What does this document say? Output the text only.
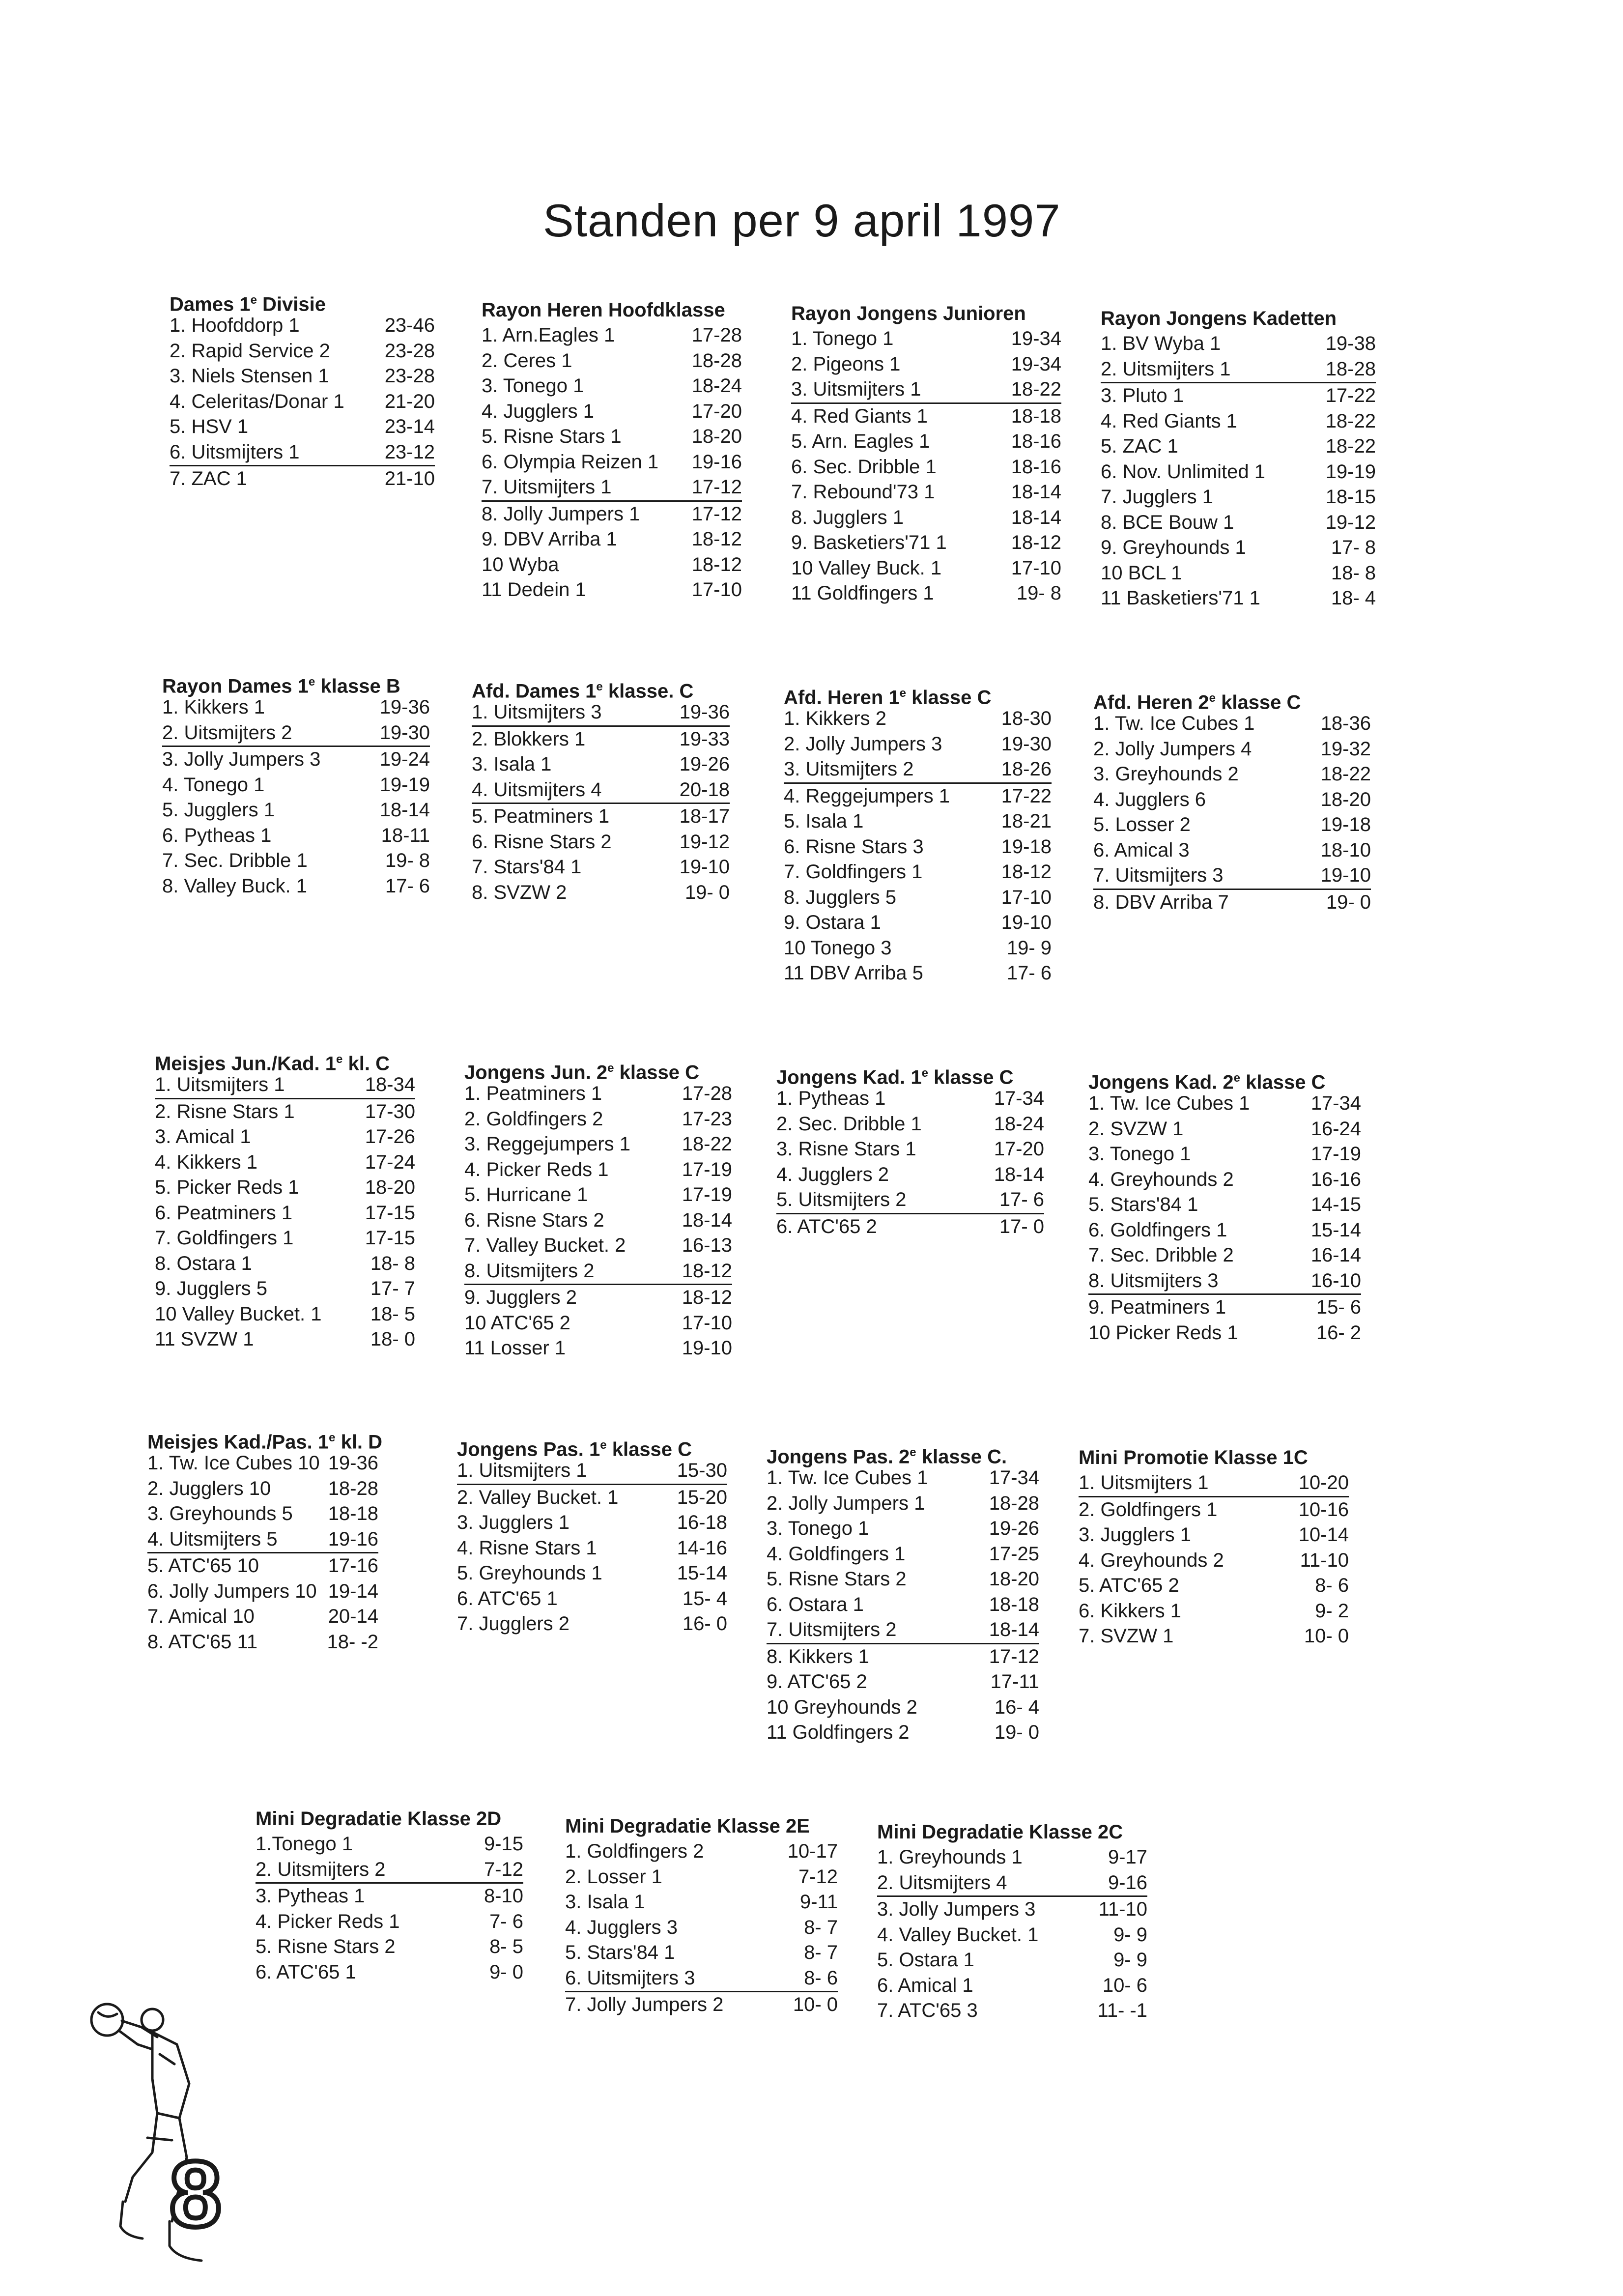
Standen per 9 april 1997
Dames 1e Divisie
1. Hoofddorp 1	23-46
2. Rapid Service 2	23-28
3. Niels Stensen 1	23-28
4. Celeritas/Donar 1 21-20
5. HSV 1	23-14
6. Uitsmijters 1	23-12
7. ZAC 1	21-10
Rayon Heren Hoofdklasse
1. Arn.Eagles 1	17-28
2. Ceres 1	18-28
3. Tonego 1	18-24
4. Jugglers 1	17-20
5. Risne Stars 1	18-20
6. Olympia Reizen 1 19-16
7. Uitsmijters 1	17-12
8. Jolly Jumpers 1	17-12
9. DBV Arriba 1	18-12
10 Wyba	18-12
11 Dedein 1	17-10
Rayon Jongens Junioren
1. Tonego 1	19-34
2. Pigeons 1	19-34
3. Uitsmijters 1	18-22
4. Red Giants 1	18-18
5. Arn. Eagles 1	18-16
6. Sec. Dribble 1	18-16
7. Rebound'73 1	18-14
8. Jugglers 1	18-14
9. Basketiers'71 1	18-12
10 Valley Buck. 1	17-10
11 Goldfingers 1	19- 8
Rayon Jongens Kadetten
1. BV Wyba 1	19-38
2. Uitsmijters 1	18-28
3. Pluto 1	17-22
4. Red Giants 1	18-22
5. ZAC 1	18-22
6. Nov. Unlimited 1	19-19
7. Jugglers 1	18-15
8. BCE Bouw 1	19-12
9. Greyhounds 1	17- 8
10 BCL 1	18- 8
11 Basketiers'71 1	18- 4
Rayon Dames 1e klasse B
1. Kikkers 1	19-36
2. Uitsmijters 2	19-30
3. Jolly Jumpers 3	19-24
4. Tonego 1	19-19
5. Jugglers 1	18-14
6. Pytheas 1	18-11
7. Sec. Dribble 1	19- 8
8. Valley Buck. 1	17- 6
Afd. Dames 1e klasse. C
1. Uitsmijters 3	19-36
2. Blokkers 1	19-33
3. Isala 1	19-26
4. Uitsmijters 4	20-18
5. Peatminers 1	18-17
6. Risne Stars 2	19-12
7. Stars'84 1	19-10
8. SVZW 2	19- 0
Afd. Heren 1e klasse C
1. Kikkers 2	18-30
2. Jolly Jumpers 3	19-30
3. Uitsmijters 2	18-26
4. Reggejumpers 1	17-22
5. Isala 1	18-21
6. Risne Stars 3	19-18
7. Goldfingers 1	18-12
8. Jugglers 5	17-10
9. Ostara 1	19-10
10 Tonego 3	19- 9
11 DBV Arriba 5	17- 6
Afd. Heren 2e klasse C
1. Tw. Ice Cubes 1	18-36
2. Jolly Jumpers 4	19-32
3. Greyhounds 2	18-22
4. Jugglers 6	18-20
5. Losser 2	19-18
6. Amical 3	18-10
7. Uitsmijters 3	19-10
8. DBV Arriba 7	19- 0
Meisjes Jun./Kad. 1e kl. C
1. Uitsmijters 1	18-34
2. Risne Stars 1	17-30
3. Amical 1	17-26
4. Kikkers 1	17-24
5. Picker Reds 1	18-20
6. Peatminers 1	17-15
7. Goldfingers 1	17-15
8. Ostara 1	18- 8
9. Jugglers 5	17- 7
10 Valley Bucket. 1 18- 5
11 SVZW 1	18- 0
Jongens Jun. 2e klasse C
1. Peatminers 1	17-28
2. Goldfingers 2	17-23
3. Reggejumpers 1	18-22
4. Picker Reds 1	17-19
5. Hurricane 1	17-19
6. Risne Stars 2	18-14
7. Valley Bucket. 2	16-13
8. Uitsmijters 2	18-12
9. Jugglers 2	18-12
10 ATC'65 2	17-10
11 Losser 1	19-10
Jongens Kad. 1e klasse C
1. Pytheas 1	17-34
2. Sec. Dribble 1	18-24
3. Risne Stars 1	17-20
4. Jugglers 2	18-14
5. Uitsmijters 2	17- 6
6. ATC'65 2	17- 0
Jongens Kad. 2e klasse C
1. Tw. Ice Cubes 1	17-34
2. SVZW 1	16-24
3. Tonego 1	17-19
4. Greyhounds 2	16-16
5. Stars'84 1	14-15
6. Goldfingers 1	15-14
7. Sec. Dribble 2	16-14
8. Uitsmijters 3	16-10
9. Peatminers 1	15- 6
10 Picker Reds 1	16- 2
Meisjes Kad./Pas. 1e kl. D
1. Tw. Ice Cubes 10 19-36
2. Jugglers 10	18-28
3. Greyhounds 5 18-18
4. Uitsmijters 5	19-16
5. ATC'65 10	17-16
6. Jolly Jumpers 10 19-14
7. Amical 10	20-14
8. ATC'65 11	18- -2
Jongens Pas. 1e klasse C
1. Uitsmijters 1	15-30
2. Valley Bucket. 1	15-20
3. Jugglers 1	16-18
4. Risne Stars 1	14-16
5. Greyhounds 1	15-14
6. ATC'65 1	15- 4
7. Jugglers 2	16- 0
Jongens Pas. 2e klasse C.
1. Tw. Ice Cubes 1	17-34
2. Jolly Jumpers 1	18-28
3. Tonego 1	19-26
4. Goldfingers 1	17-25
5. Risne Stars 2	18-20
6. Ostara 1	18-18
7. Uitsmijters 2	18-14
8. Kikkers 1	17-12
9. ATC'65 2	17-11
10 Greyhounds 2	16- 4
11 Goldfingers 2	19- 0
Mini Promotie Klasse 1C
1. Uitsmijters 1	10-20
2. Goldfingers 1	10-16
3. Jugglers 1	10-14
4. Greyhounds 2	11-10
5. ATC'65 2	8- 6
6. Kikkers 1	9- 2
7. SVZW 1	10- 0
Mini Degradatie Klasse 2D
1.Tonego 1	9-15
2. Uitsmijters 2	7-12
3. Pytheas 1	8-10
4. Picker Reds 1	7- 6
5. Risne Stars 2	8- 5
6. ATC'65 1	9- 0
Mini Degradatie Klasse 2E
1. Goldfingers 2	10-17
2. Losser 1	7-12
3. Isala 1	9-11
4. Jugglers 3	8- 7
5. Stars'84 1	8- 7
6. Uitsmijters 3	8- 6
7. Jolly Jumpers 2	10- 0
Mini Degradatie Klasse 2C
1. Greyhounds 1	9-17
2. Uitsmijters 4	9-16
3. Jolly Jumpers 3	11-10
4. Valley Bucket. 1	9- 9
5. Ostara 1	9- 9
6. Amical 1	10- 6
7. ATC'65 3	11- -1
8
